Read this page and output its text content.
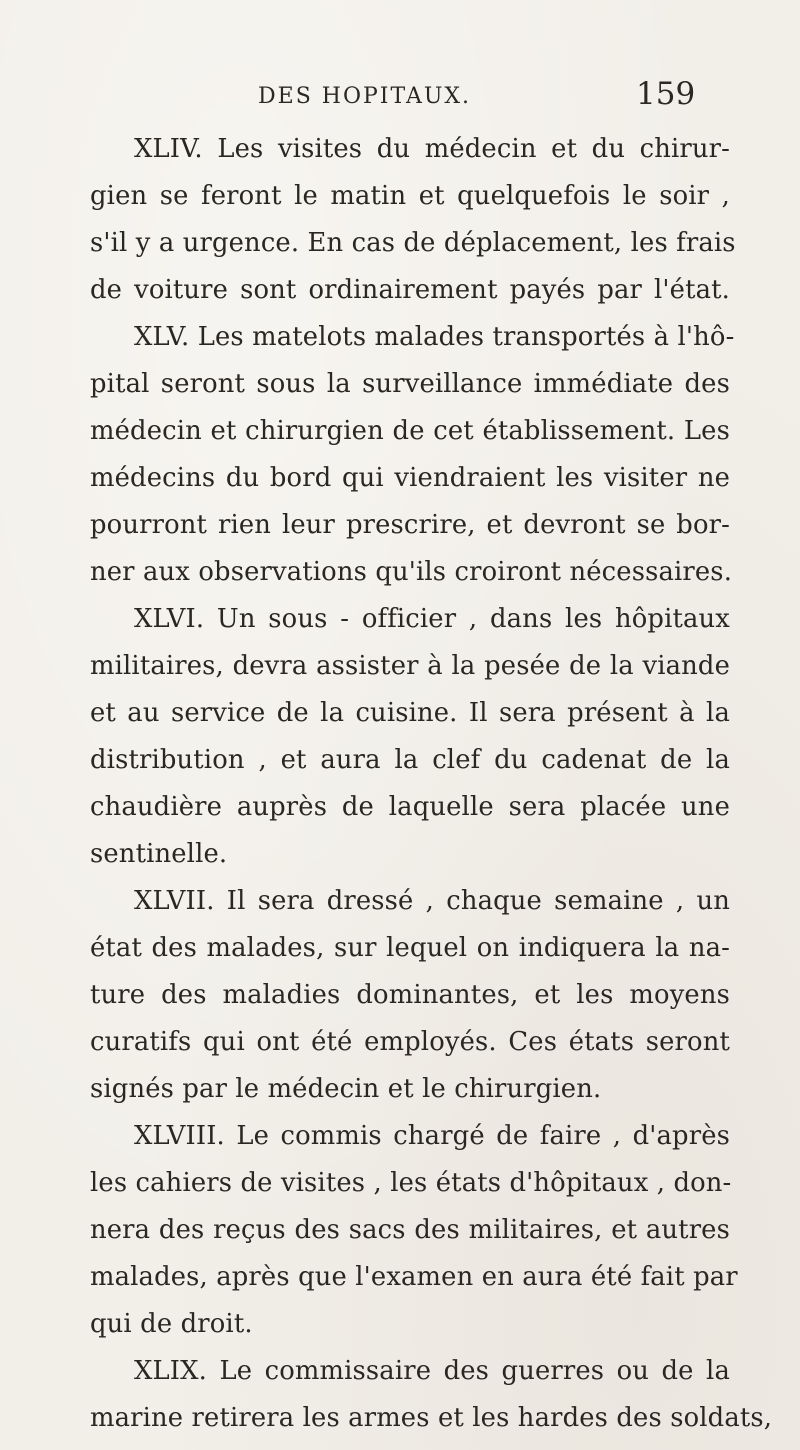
DES HOPITAUX.	159
XLIV. Les visites du médecin et du chirur-
gien se feront le matin et quelquefois le soir ,
s'il y a urgence. En cas de déplacement, les frais
de voiture sont ordinairement payés par l'état.
XLV. Les matelots malades transportés à l'hô-
pital seront sous la surveillance immédiate des
médecin et chirurgien de cet établissement. Les
médecins du bord qui viendraient les visiter ne
pourront rien leur prescrire, et devront se bor-
ner aux observations qu'ils croiront nécessaires.
XLVI. Un sous - officier , dans les hôpitaux
militaires, devra assister à la pesée de la viande
et au service de la cuisine. Il sera présent à la
distribution , et aura la clef du cadenat de la
chaudière auprès de laquelle sera placée une
sentinelle.
XLVII. Il sera dressé , chaque semaine , un
état des malades, sur lequel on indiquera la na-
ture des maladies dominantes, et les moyens
curatifs qui ont été employés. Ces états seront
signés par le médecin et le chirurgien.
XLVIII. Le commis chargé de faire , d'après
les cahiers de visites , les états d'hôpitaux , don-
nera des reçus des sacs des militaires, et autres
malades, après que l'examen en aura été fait par
qui de droit.
XLIX. Le commissaire des guerres ou de la
marine retirera les armes et les hardes des soldats,
